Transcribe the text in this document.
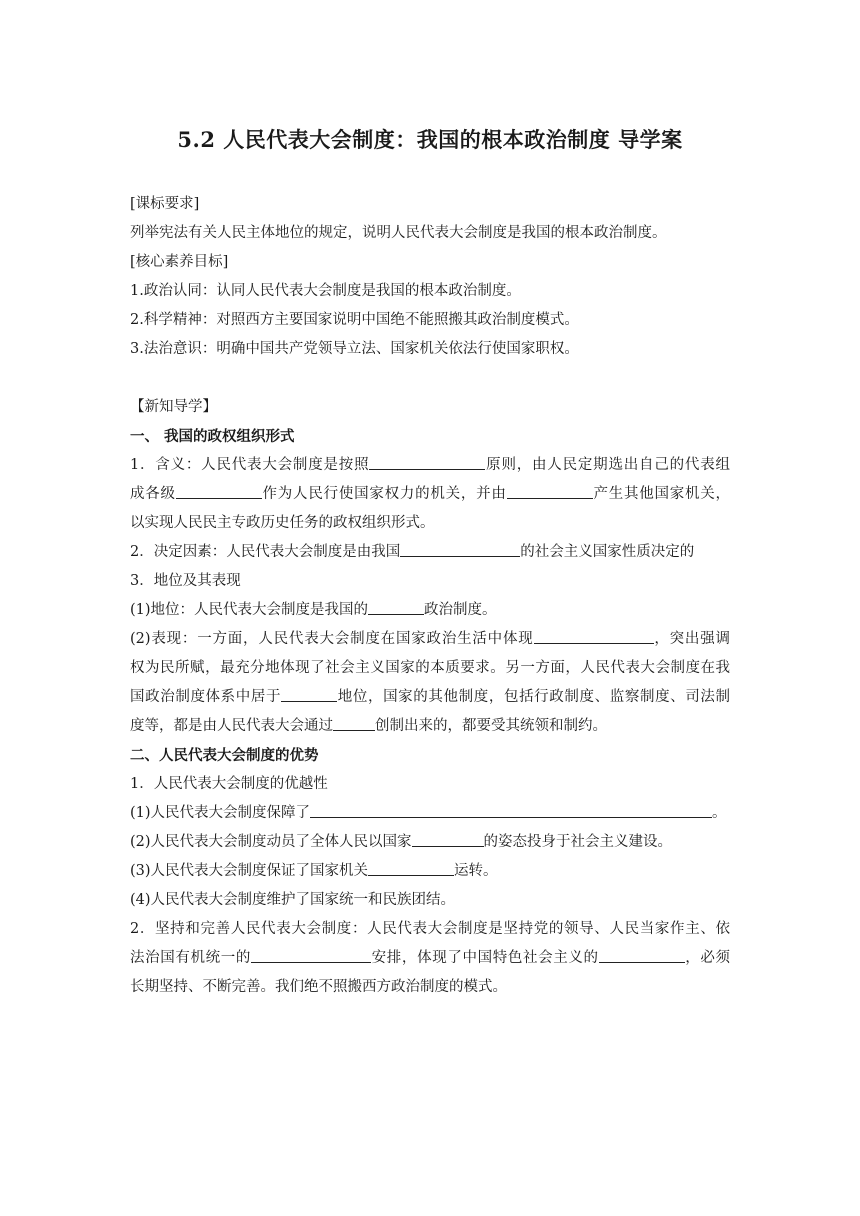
5.2 人民代表大会制度：我国的根本政治制度 导学案

[课标要求]

列举宪法有关人民主体地位的规定，说明人民代表大会制度是我国的根本政治制度。

[核心素养目标]

1.政治认同：认同人民代表大会制度是我国的根本政治制度。

2.科学精神：对照西方主要国家说明中国绝不能照搬其政治制度模式。

3.法治意识：明确中国共产党领导立法、国家机关依法行使国家职权。

【新知导学】

一、 我国的政权组织形式

1．含义：人民代表大会制度是按照	原则，由人民定期选出自己的代表组

成各级	作为人民行使国家权力的机关，并由	产生其他国家机关，

以实现人民民主专政历史任务的政权组织形式。

2．决定因素：人民代表大会制度是由我国	的社会主义国家性质决定的

3．地位及其表现

(1)地位：人民代表大会制度是我国的	政治制度。

(2)表现：一方面，人民代表大会制度在国家政治生活中体现	，突出强调

权为民所赋，最充分地体现了社会主义国家的本质要求。另一方面，人民代表大会制度在我

国政治制度体系中居于	地位，国家的其他制度，包括行政制度、监察制度、司法制

度等，都是由人民代表大会通过	创制出来的，都要受其统领和制约。

二、人民代表大会制度的优势

1．人民代表大会制度的优越性

(1)人民代表大会制度保障了	。

(2)人民代表大会制度动员了全体人民以国家	的姿态投身于社会主义建设。

(3)人民代表大会制度保证了国家机关	运转。

(4)人民代表大会制度维护了国家统一和民族团结。

2．坚持和完善人民代表大会制度：人民代表大会制度是坚持党的领导、人民当家作主、依

法治国有机统一的	安排，体现了中国特色社会主义的	，必须

长期坚持、不断完善。我们绝不照搬西方政治制度的模式。
